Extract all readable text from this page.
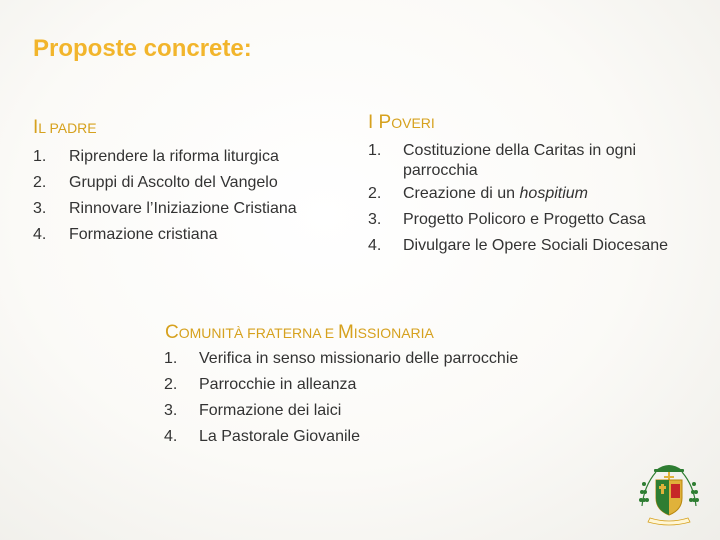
Proposte concrete:
IL PADRE
1.	Riprendere la riforma liturgica
2.	Gruppi di Ascolto del Vangelo
3.	Rinnovare l’Iniziazione Cristiana
4.	Formazione cristiana
I POVERI
1.	Costituzione della Caritas in ogni parrocchia
2.	Creazione di un hospitium
3.	Progetto Policoro e Progetto Casa
4.	Divulgare le Opere Sociali Diocesane
COMUNITÀ FRATERNA E MISSIONARIA
1.	Verifica in senso missionario delle parrocchie
2.	Parrocchie in alleanza
3.	Formazione dei laici
4.	La Pastorale Giovanile
